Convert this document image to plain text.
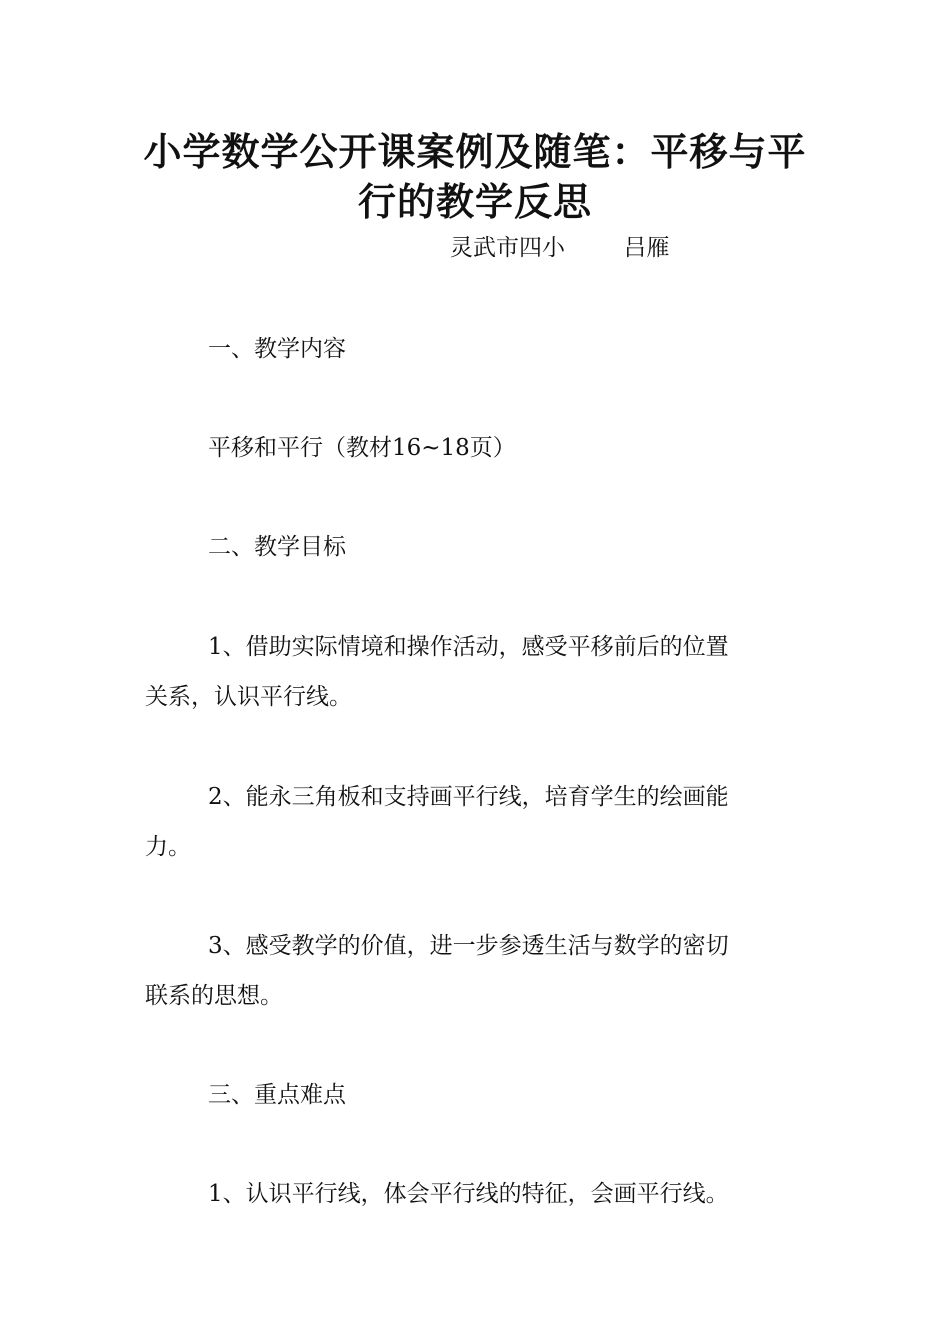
小学数学公开课案例及随笔：平移与平
行的教学反思
灵武市四小        吕雁
一、教学内容
平移和平行（教材16~18页）
二、教学目标
1、借助实际情境和操作活动，感受平移前后的位置
关系，认识平行线。
2、能永三角板和支持画平行线，培育学生的绘画能
力。
3、感受教学的价值，进一步参透生活与数学的密切
联系的思想。
三、重点难点
1、认识平行线，体会平行线的特征，会画平行线。
